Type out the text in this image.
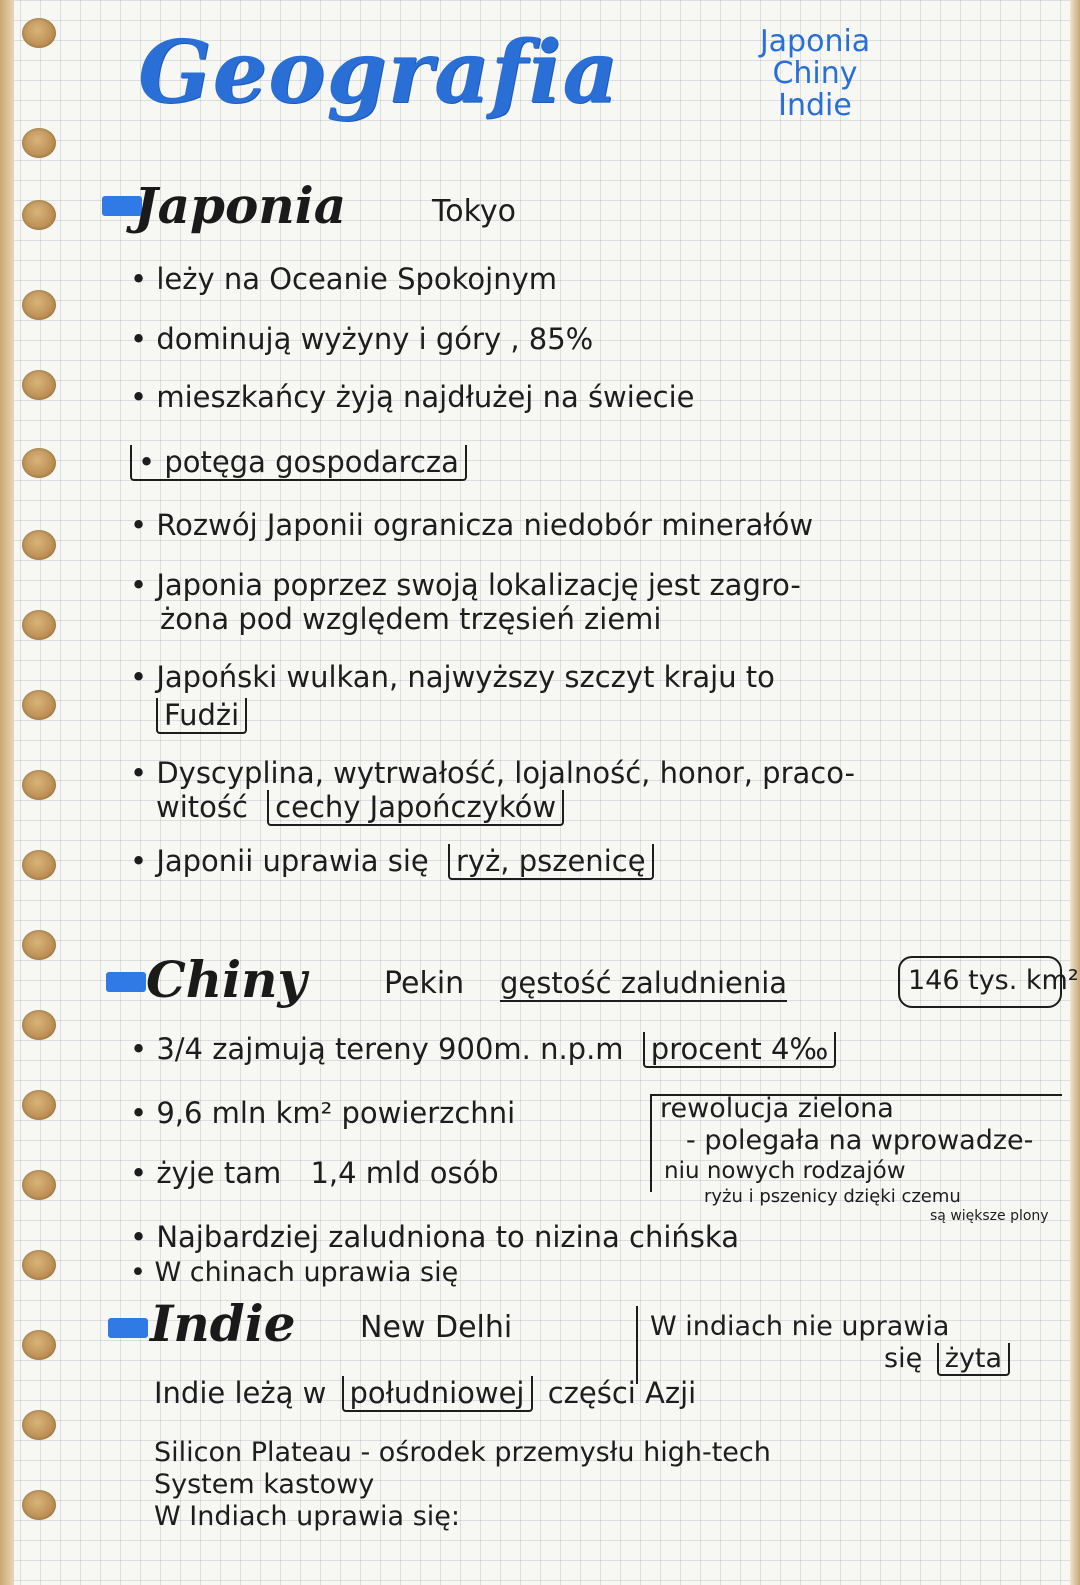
Geografia	Japonia
Chiny
Indie
Japonia	Tokyo
• leży na Oceanie Spokojnym
• dominują wyżyny i góry , 85%
• mieszkańcy żyją najdłużej na świecie
• potęga gospodarcza
• Rozwój Japonii ogranicza niedobór minerałów
• Japonia poprzez swoją lokalizację jest zagro-
żona pod względem trzęsień ziemi
• Japoński wulkan, najwyższy szczyt kraju to
Fudżi
• Dyscyplina, wytrwałość, lojalność, honor, praco-
witość cechy Japończyków
• Japonii uprawia się ryż, pszenicę
Chiny	Pekin gęstość zaludnienia	146 tys. km²
• 3/4 zajmują tereny 900m. n.p.m procent 4‰
• 9,6 mln km² powierzchni
• żyje tam 1,4 mld osób
rewolucja zielona
- polegała na wprowadze-
niu nowych rodzajów
ryżu i pszenicy dzięki czemu
są większe plony
• Najbardziej zaludniona to nizina chińska
• W chinach uprawia się
Indie New Delhi	W indiach nie uprawia
się żyta
Indie leżą w południowej części Azji
Silicon Plateau - ośrodek przemysłu high-tech
System kastowy
W Indiach uprawia się:
